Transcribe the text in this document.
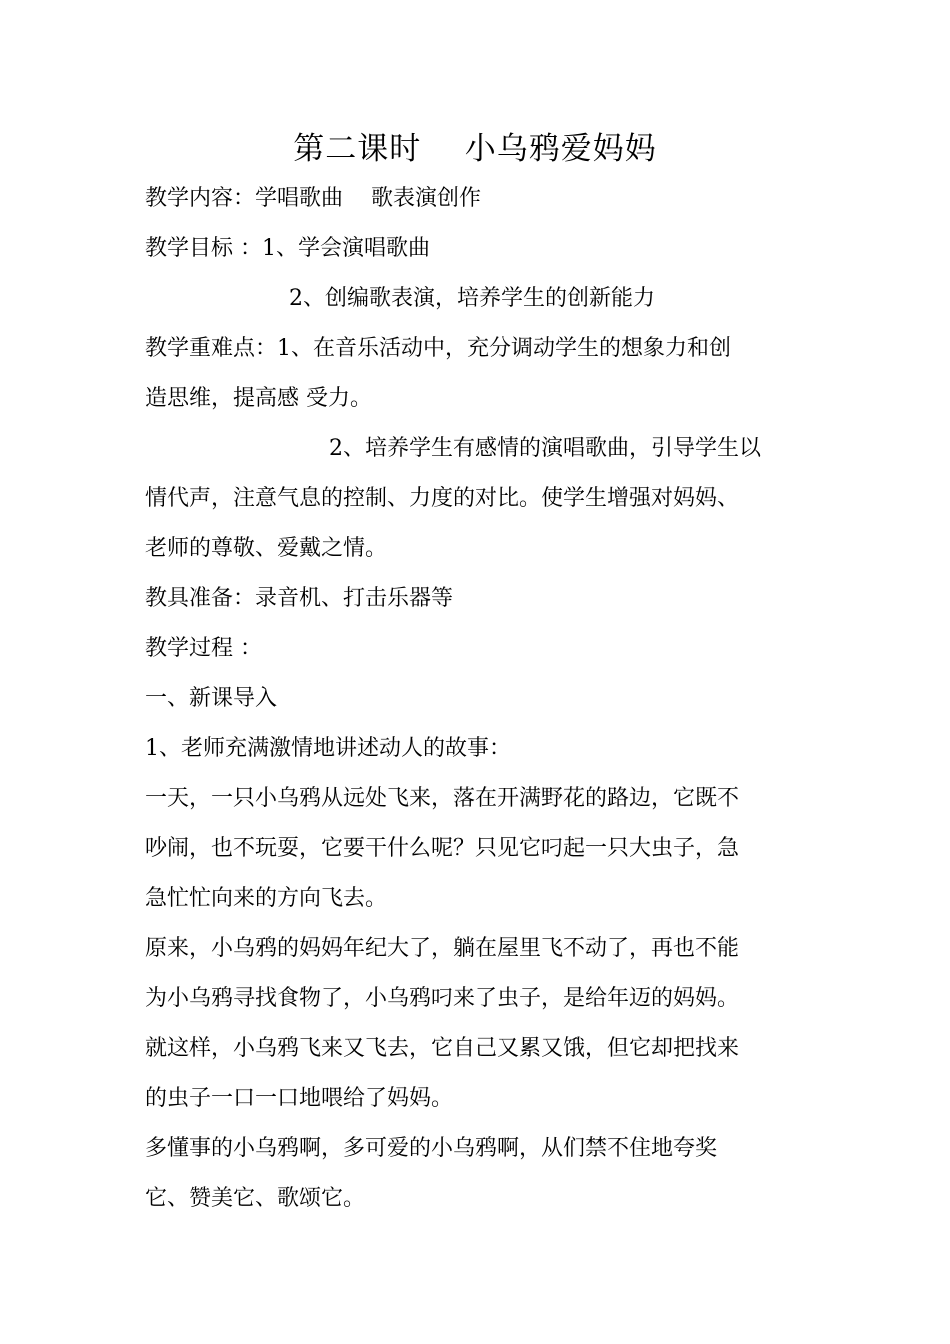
第二课时    小乌鸦爱妈妈
教学内容：学唱歌曲    歌表演创作
教学目标 ：1、学会演唱歌曲
2、创编歌表演，培养学生的创新能力
教学重难点：1、在音乐活动中，充分调动学生的想象力和创
造思维，提高感 受力。
2、培养学生有感情的演唱歌曲，引导学生以
情代声，注意气息的控制、力度的对比。使学生增强对妈妈、
老师的尊敬、爱戴之情。
教具准备：录音机、打击乐器等
教学过程 ：
一、新课导入
1、老师充满激情地讲述动人的故事：
一天，一只小乌鸦从远处飞来，落在开满野花的路边，它既不
吵闹，也不玩耍，它要干什么呢？只见它叼起一只大虫子，急
急忙忙向来的方向飞去。
原来，小乌鸦的妈妈年纪大了，躺在屋里飞不动了，再也不能
为小乌鸦寻找食物了，小乌鸦叼来了虫子，是给年迈的妈妈。
就这样，小乌鸦飞来又飞去，它自己又累又饿，但它却把找来
的虫子一口一口地喂给了妈妈。
多懂事的小乌鸦啊，多可爱的小乌鸦啊，从们禁不住地夸奖
它、赞美它、歌颂它。
